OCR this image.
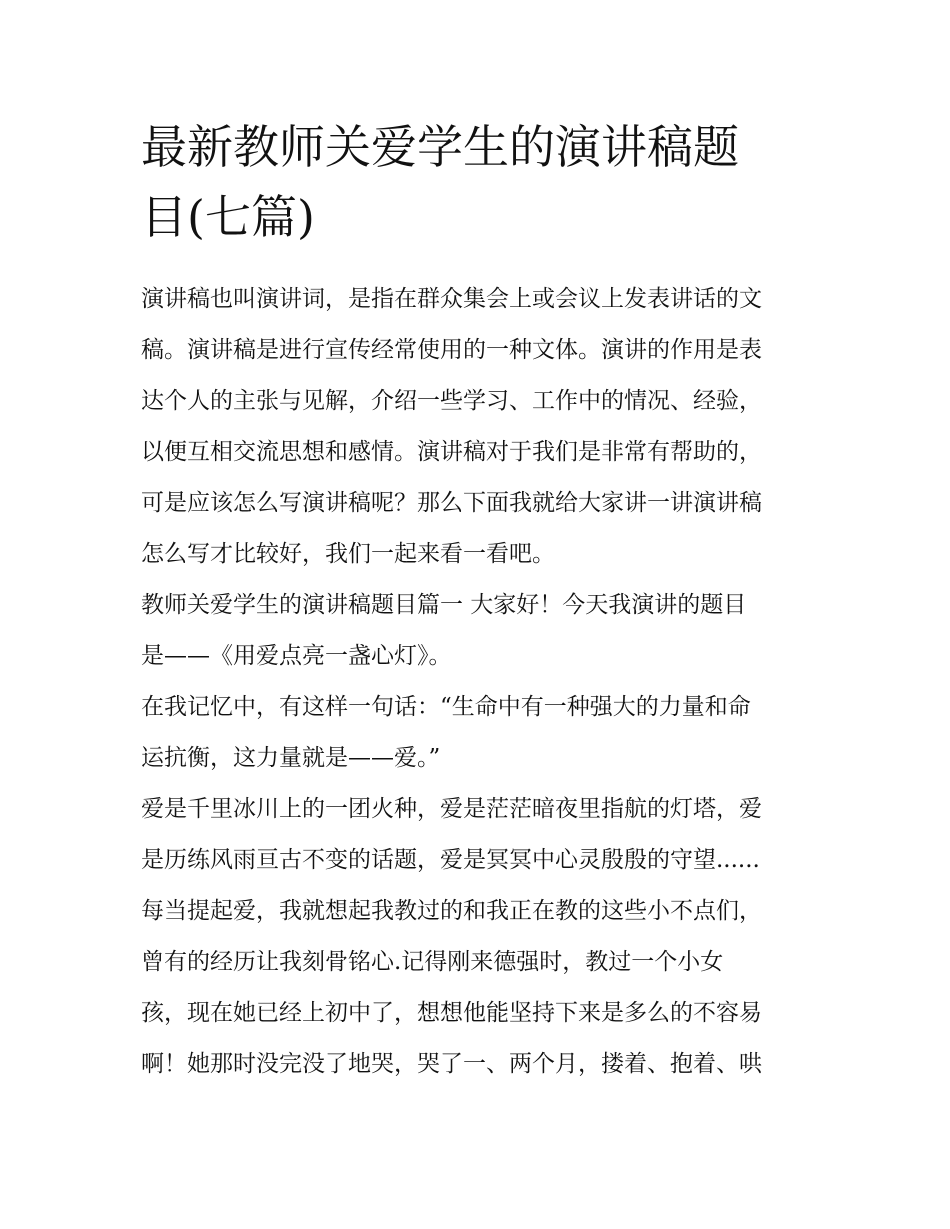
最新教师关爱学生的演讲稿题
目(七篇)

演讲稿也叫演讲词，是指在群众集会上或会议上发表讲话的文
稿。演讲稿是进行宣传经常使用的一种文体。演讲的作用是表
达个人的主张与见解，介绍一些学习、工作中的情况、经验，
以便互相交流思想和感情。演讲稿对于我们是非常有帮助的，
可是应该怎么写演讲稿呢？那么下面我就给大家讲一讲演讲稿
怎么写才比较好，我们一起来看一看吧。

教师关爱学生的演讲稿题目篇一 大家好！今天我演讲的题目
是——《用爱点亮一盏心灯》。

在我记忆中，有这样一句话：“生命中有一种强大的力量和命
运抗衡，这力量就是——爱。”

爱是千里冰川上的一团火种，爱是茫茫暗夜里指航的灯塔，爱
是历练风雨亘古不变的话题，爱是冥冥中心灵殷殷的守望......
每当提起爱，我就想起我教过的和我正在教的这些小不点们，
曾有的经历让我刻骨铭心.记得刚来德强时，教过一个小女
孩，现在她已经上初中了，想想他能坚持下来是多么的不容易
啊！她那时没完没了地哭，哭了一、两个月，搂着、抱着、哄
